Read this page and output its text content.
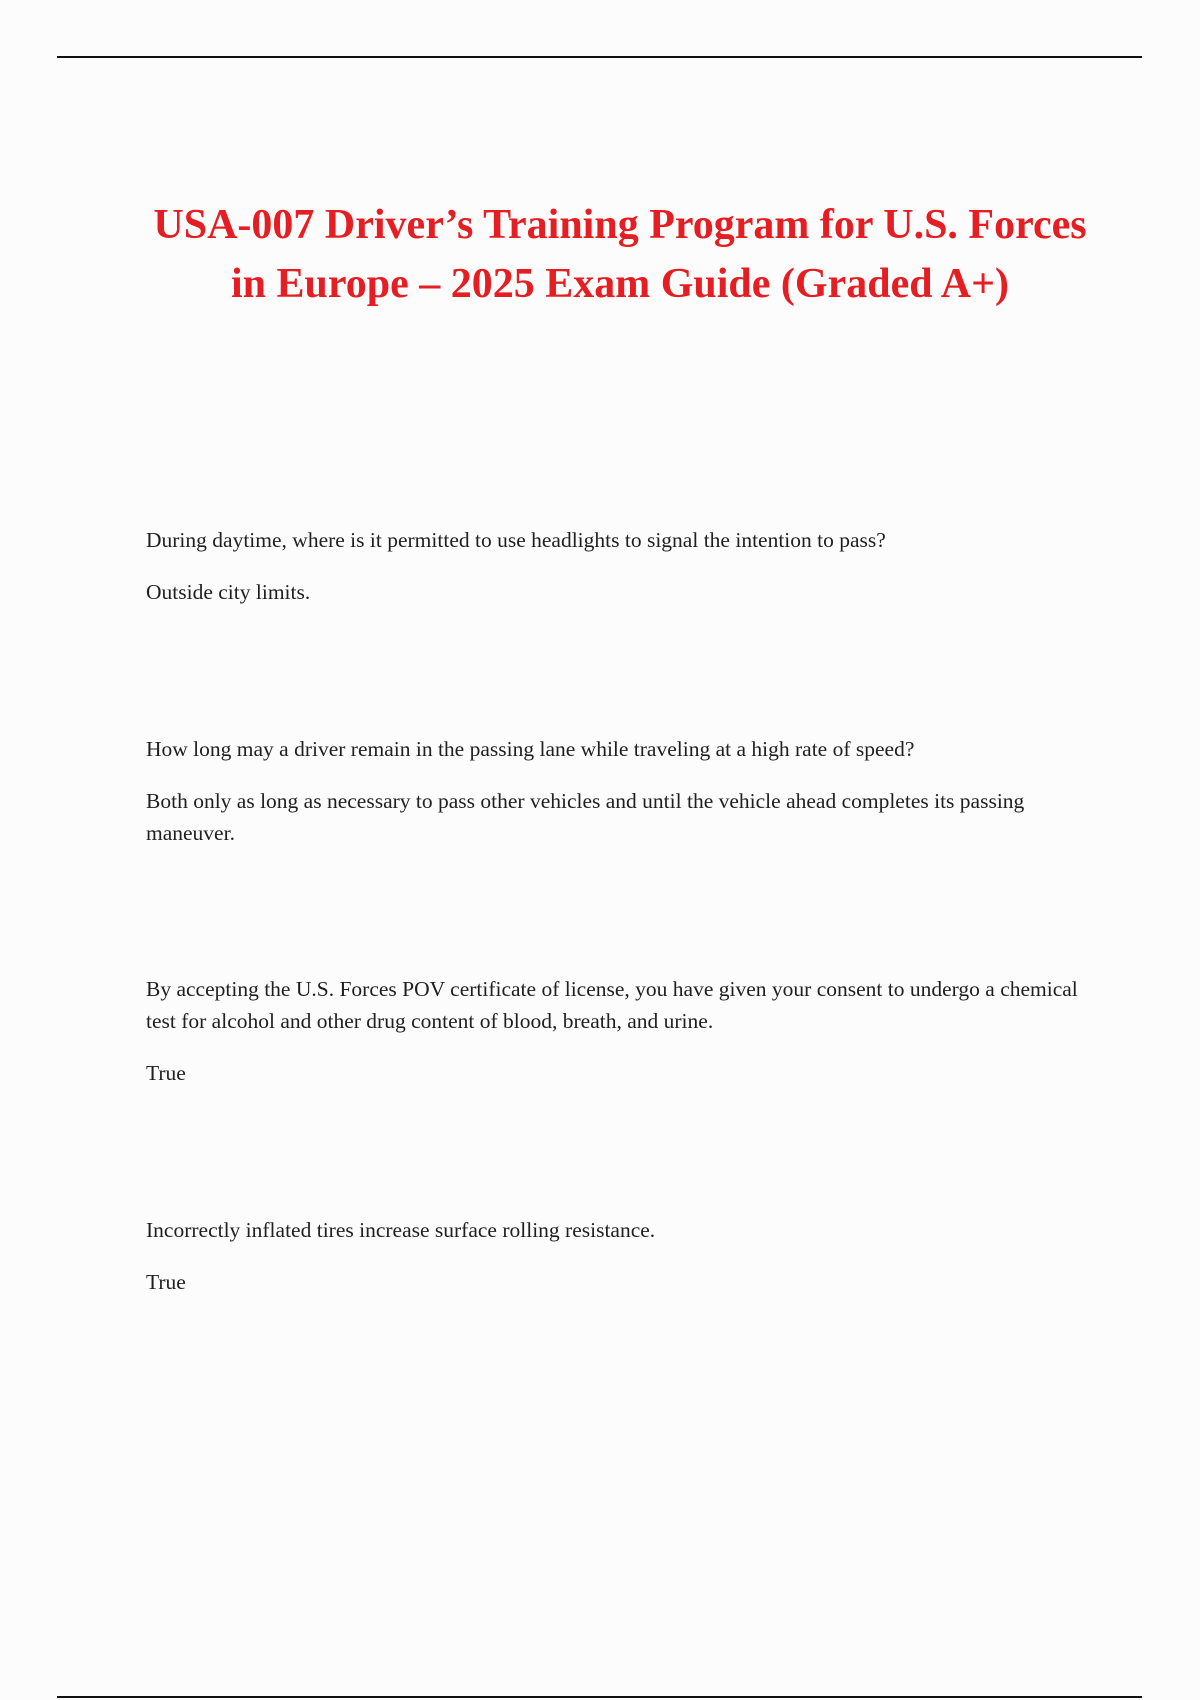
USA-007 Driver’s Training Program for U.S. Forces in Europe – 2025 Exam Guide (Graded A+)

During daytime, where is it permitted to use headlights to signal the intention to pass?

Outside city limits.

How long may a driver remain in the passing lane while traveling at a high rate of speed?

Both only as long as necessary to pass other vehicles and until the vehicle ahead completes its passing maneuver.

By accepting the U.S. Forces POV certificate of license, you have given your consent to undergo a chemical test for alcohol and other drug content of blood, breath, and urine.

True

Incorrectly inflated tires increase surface rolling resistance.

True
